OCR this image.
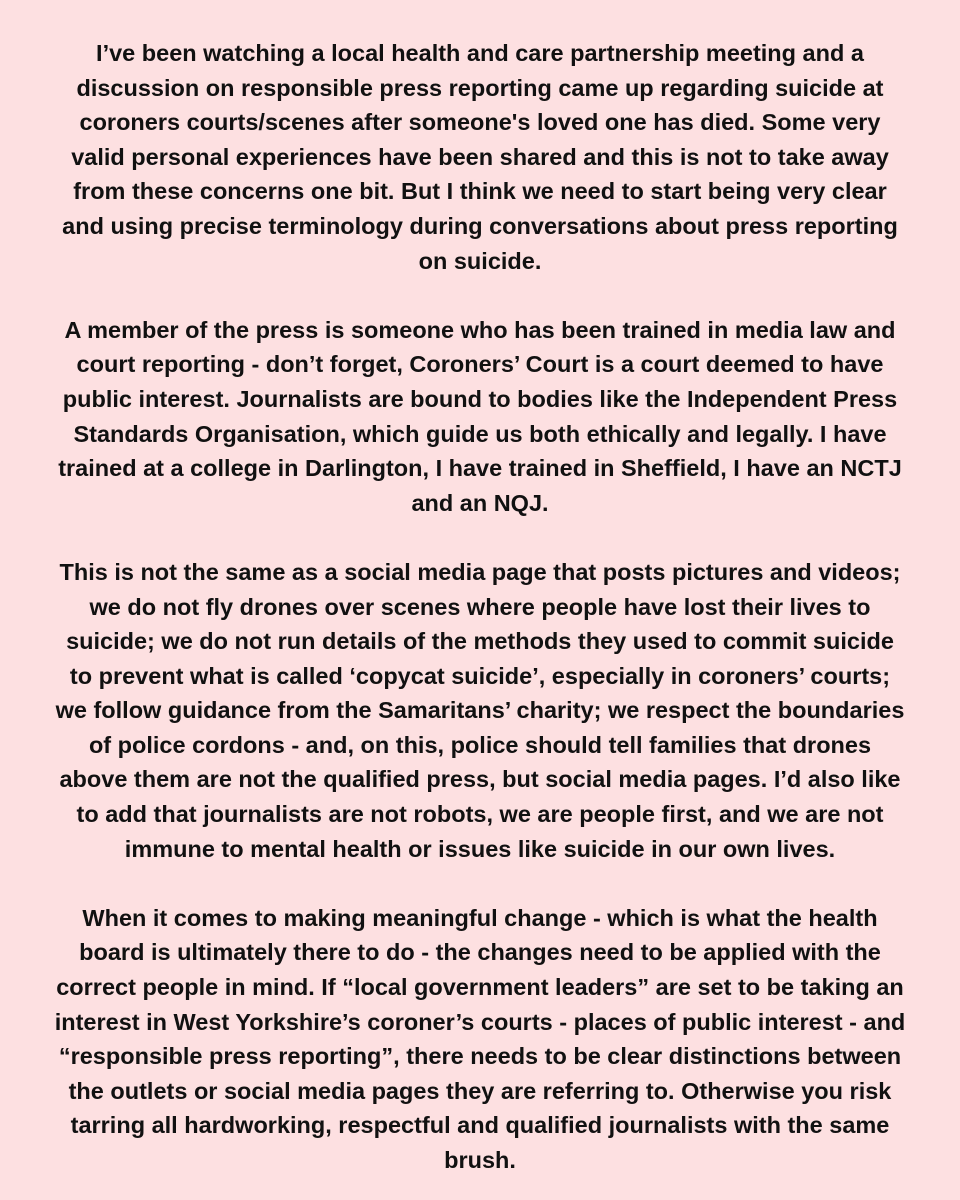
I’ve been watching a local health and care partnership meeting and a
discussion on responsible press reporting came up regarding suicide at
coroners courts/scenes after someone's loved one has died. Some very
valid personal experiences have been shared and this is not to take away
from these concerns one bit. But I think we need to start being very clear
and using precise terminology during conversations about press reporting
on suicide.

A member of the press is someone who has been trained in media law and
court reporting - don’t forget, Coroners’ Court is a court deemed to have
public interest. Journalists are bound to bodies like the Independent Press
Standards Organisation, which guide us both ethically and legally. I have
trained at a college in Darlington, I have trained in Sheffield, I have an NCTJ
and an NQJ.

This is not the same as a social media page that posts pictures and videos;
we do not fly drones over scenes where people have lost their lives to
suicide; we do not run details of the methods they used to commit suicide
to prevent what is called ‘copycat suicide’, especially in coroners’ courts;
we follow guidance from the Samaritans’ charity; we respect the boundaries
of police cordons - and, on this, police should tell families that drones
above them are not the qualified press, but social media pages. I’d also like
to add that journalists are not robots, we are people first, and we are not
immune to mental health or issues like suicide in our own lives.

When it comes to making meaningful change - which is what the health
board is ultimately there to do - the changes need to be applied with the
correct people in mind. If “local government leaders” are set to be taking an
interest in West Yorkshire’s coroner’s courts - places of public interest - and
“responsible press reporting”, there needs to be clear distinctions between
the outlets or social media pages they are referring to. Otherwise you risk
tarring all hardworking, respectful and qualified journalists with the same
brush.
